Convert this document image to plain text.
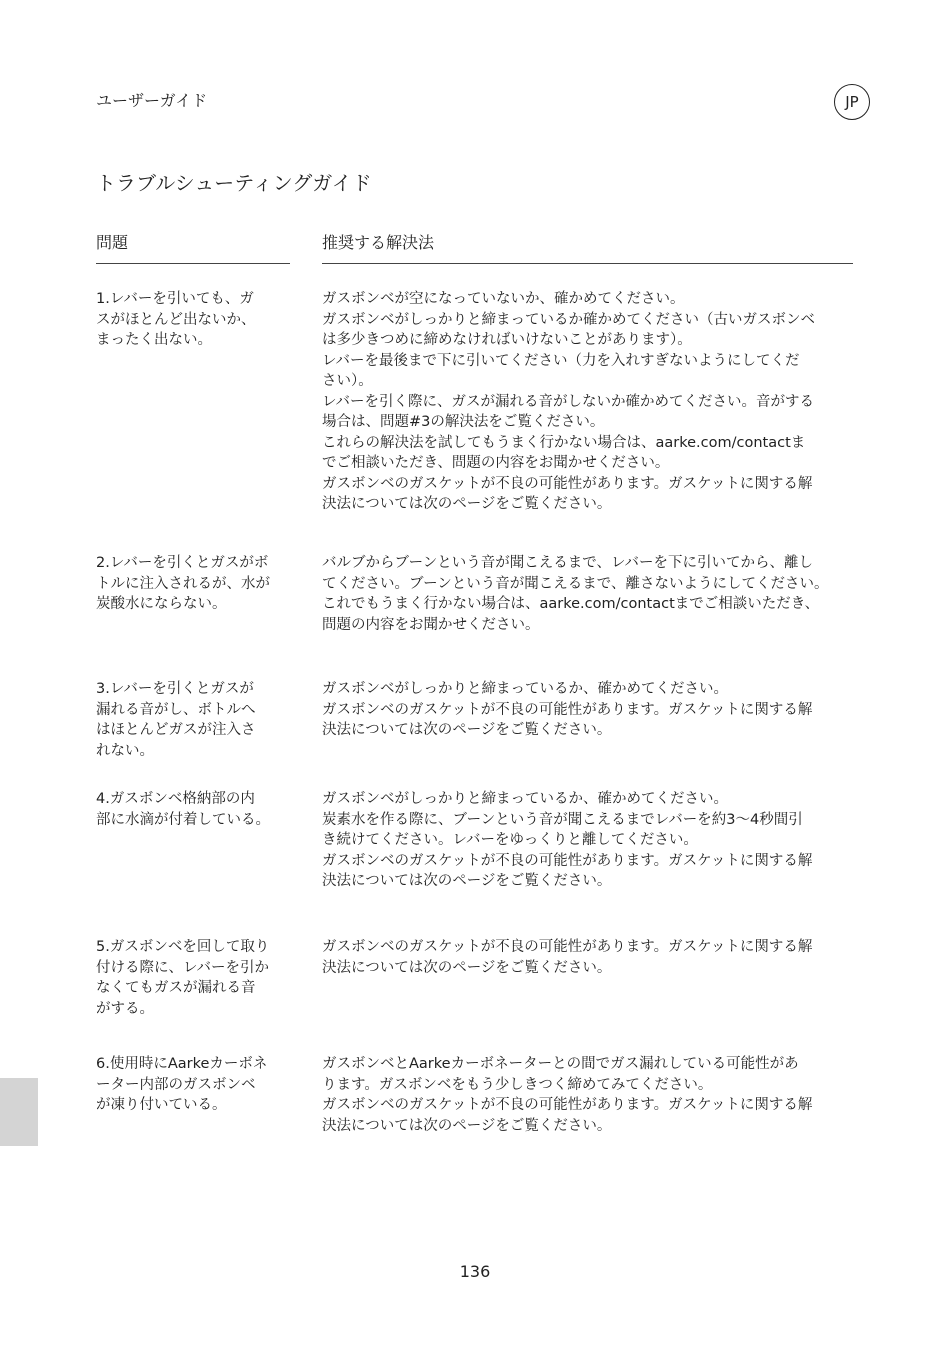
ユーザーガイド	JP
トラブルシューティングガイド
問題	推奨する解決法
1.レバーを引いても、ガ
スがほとんど出ないか、
まったく出ない。
ガスボンベが空になっていないか、確かめてください。
ガスボンベがしっかりと締まっているか確かめてください（古いガスボンベ
は多少きつめに締めなければいけないことがあります）。
レバーを最後まで下に引いてください（力を入れすぎないようにしてくだ
さい）。
レバーを引く際に、ガスが漏れる音がしないか確かめてください。音がする
場合は、問題#3の解決法をご覧ください。
これらの解決法を試してもうまく行かない場合は、aarke.com/contactま
でご相談いただき、問題の内容をお聞かせください。
ガスボンベのガスケットが不良の可能性があります。ガスケットに関する解
決法については次のページをご覧ください。
2.レバーを引くとガスがボ
トルに注入されるが、水が
炭酸水にならない。
バルブからブーンという音が聞こえるまで、レバーを下に引いてから、離し
てください。ブーンという音が聞こえるまで、離さないようにしてください。
これでもうまく行かない場合は、aarke.com/contactまでご相談いただき、
問題の内容をお聞かせください。
3.レバーを引くとガスが
漏れる音がし、ボトルへ
はほとんどガスが注入さ
れない。
ガスボンベがしっかりと締まっているか、確かめてください。
ガスボンベのガスケットが不良の可能性があります。ガスケットに関する解
決法については次のページをご覧ください。
4.ガスボンベ格納部の内
部に水滴が付着している。
ガスボンベがしっかりと締まっているか、確かめてください。
炭素水を作る際に、ブーンという音が聞こえるまでレバーを約3〜4秒間引
き続けてください。レバーをゆっくりと離してください。
ガスボンベのガスケットが不良の可能性があります。ガスケットに関する解
決法については次のページをご覧ください。
5.ガスボンベを回して取り
付ける際に、レバーを引か
なくてもガスが漏れる音
がする。
ガスボンベのガスケットが不良の可能性があります。ガスケットに関する解
決法については次のページをご覧ください。
6.使用時にAarkeカーボネ
ーター内部のガスボンベ
が凍り付いている。
ガスボンベとAarkeカーボネーターとの間でガス漏れしている可能性があ
ります。ガスボンベをもう少しきつく締めてみてください。
ガスボンベのガスケットが不良の可能性があります。ガスケットに関する解
決法については次のページをご覧ください。
136
